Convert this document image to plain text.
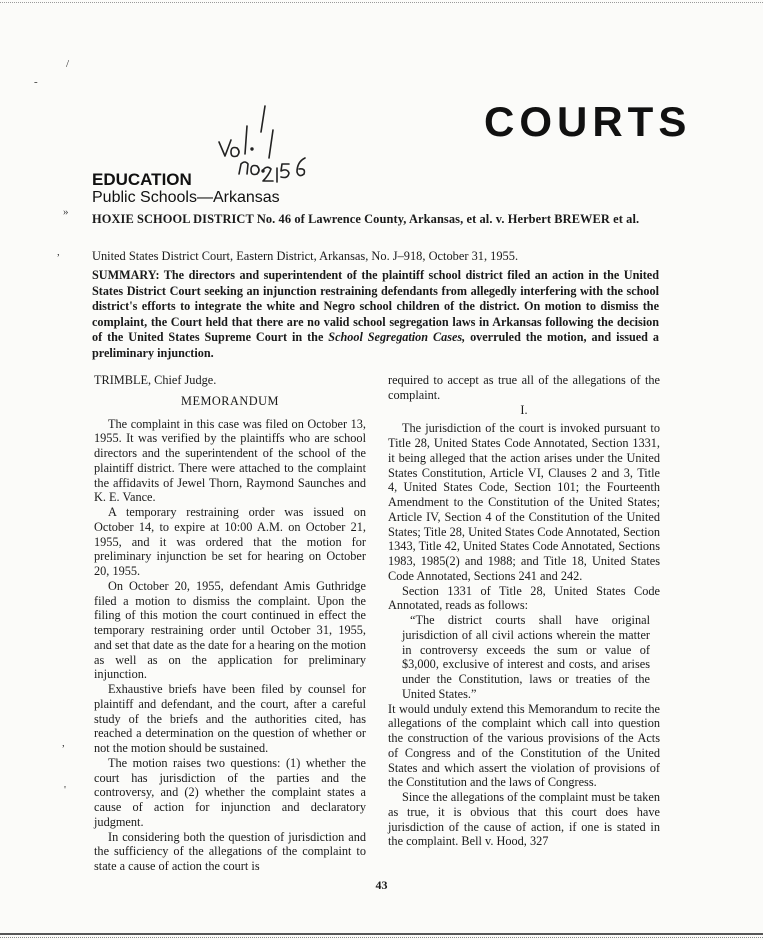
/
-
»
,
,
'
COURTS
EDUCATION
Public Schools—Arkansas
HOXIE SCHOOL DISTRICT No. 46 of Lawrence County, Arkansas, et al. v. Herbert BREWER et al.
United States District Court, Eastern District, Arkansas, No. J–918, October 31, 1955.
SUMMARY: The directors and superintendent of the plaintiff school district filed an action in the United States District Court seeking an injunction restraining defendants from allegedly interfering with the school district's efforts to integrate the white and Negro school children of the district. On motion to dismiss the complaint, the Court held that there are no valid school segregation laws in Arkansas following the decision of the United States Supreme Court in the School Segregation Cases, overruled the motion, and issued a preliminary injunction.

TRIMBLE, Chief Judge.

MEMORANDUM

The complaint in this case was filed on October 13, 1955. It was verified by the plaintiffs who are school directors and the superintendent of the school of the plaintiff district. There were attached to the complaint the affidavits of Jewel Thorn, Raymond Saunches and K. E. Vance.

A temporary restraining order was issued on October 14, to expire at 10:00 A.M. on October 21, 1955, and it was ordered that the motion for preliminary injunction be set for hearing on October 20, 1955.

On October 20, 1955, defendant Amis Guthridge filed a motion to dismiss the complaint. Upon the filing of this motion the court continued in effect the temporary restraining order until October 31, 1955, and set that date as the date for a hearing on the motion as well as on the application for preliminary injunction.

Exhaustive briefs have been filed by counsel for plaintiff and defendant, and the court, after a careful study of the briefs and the authorities cited, has reached a determination on the question of whether or not the motion should be sustained.

The motion raises two questions: (1) whether the court has jurisdiction of the parties and the controversy, and (2) whether the complaint states a cause of action for injunction and declaratory judgment.

In considering both the question of jurisdiction and the sufficiency of the allegations of the complaint to state a cause of action the court is

required to accept as true all of the allegations of the complaint.

I.

The jurisdiction of the court is invoked pursuant to Title 28, United States Code Annotated, Section 1331, it being alleged that the action arises under the United States Constitution, Article VI, Clauses 2 and 3, Title 4, United States Code, Section 101; the Fourteenth Amendment to the Constitution of the United States; Article IV, Section 4 of the Constitution of the United States; Title 28, United States Code Annotated, Section 1343, Title 42, United States Code Annotated, Sections 1983, 1985(2) and 1988; and Title 18, United States Code Annotated, Sections 241 and 242.

Section 1331 of Title 28, United States Code Annotated, reads as follows:

“The district courts shall have original jurisdiction of all civil actions wherein the matter in controversy exceeds the sum or value of $3,000, exclusive of interest and costs, and arises under the Constitution, laws or treaties of the United States.”

It would unduly extend this Memorandum to recite the allegations of the complaint which call into question the construction of the various provisions of the Acts of Congress and of the Constitution of the United States and which assert the violation of provisions of the Constitution and the laws of Congress.

Since the allegations of the complaint must be taken as true, it is obvious that this court does have jurisdiction of the cause of action, if one is stated in the complaint. Bell v. Hood, 327

43
